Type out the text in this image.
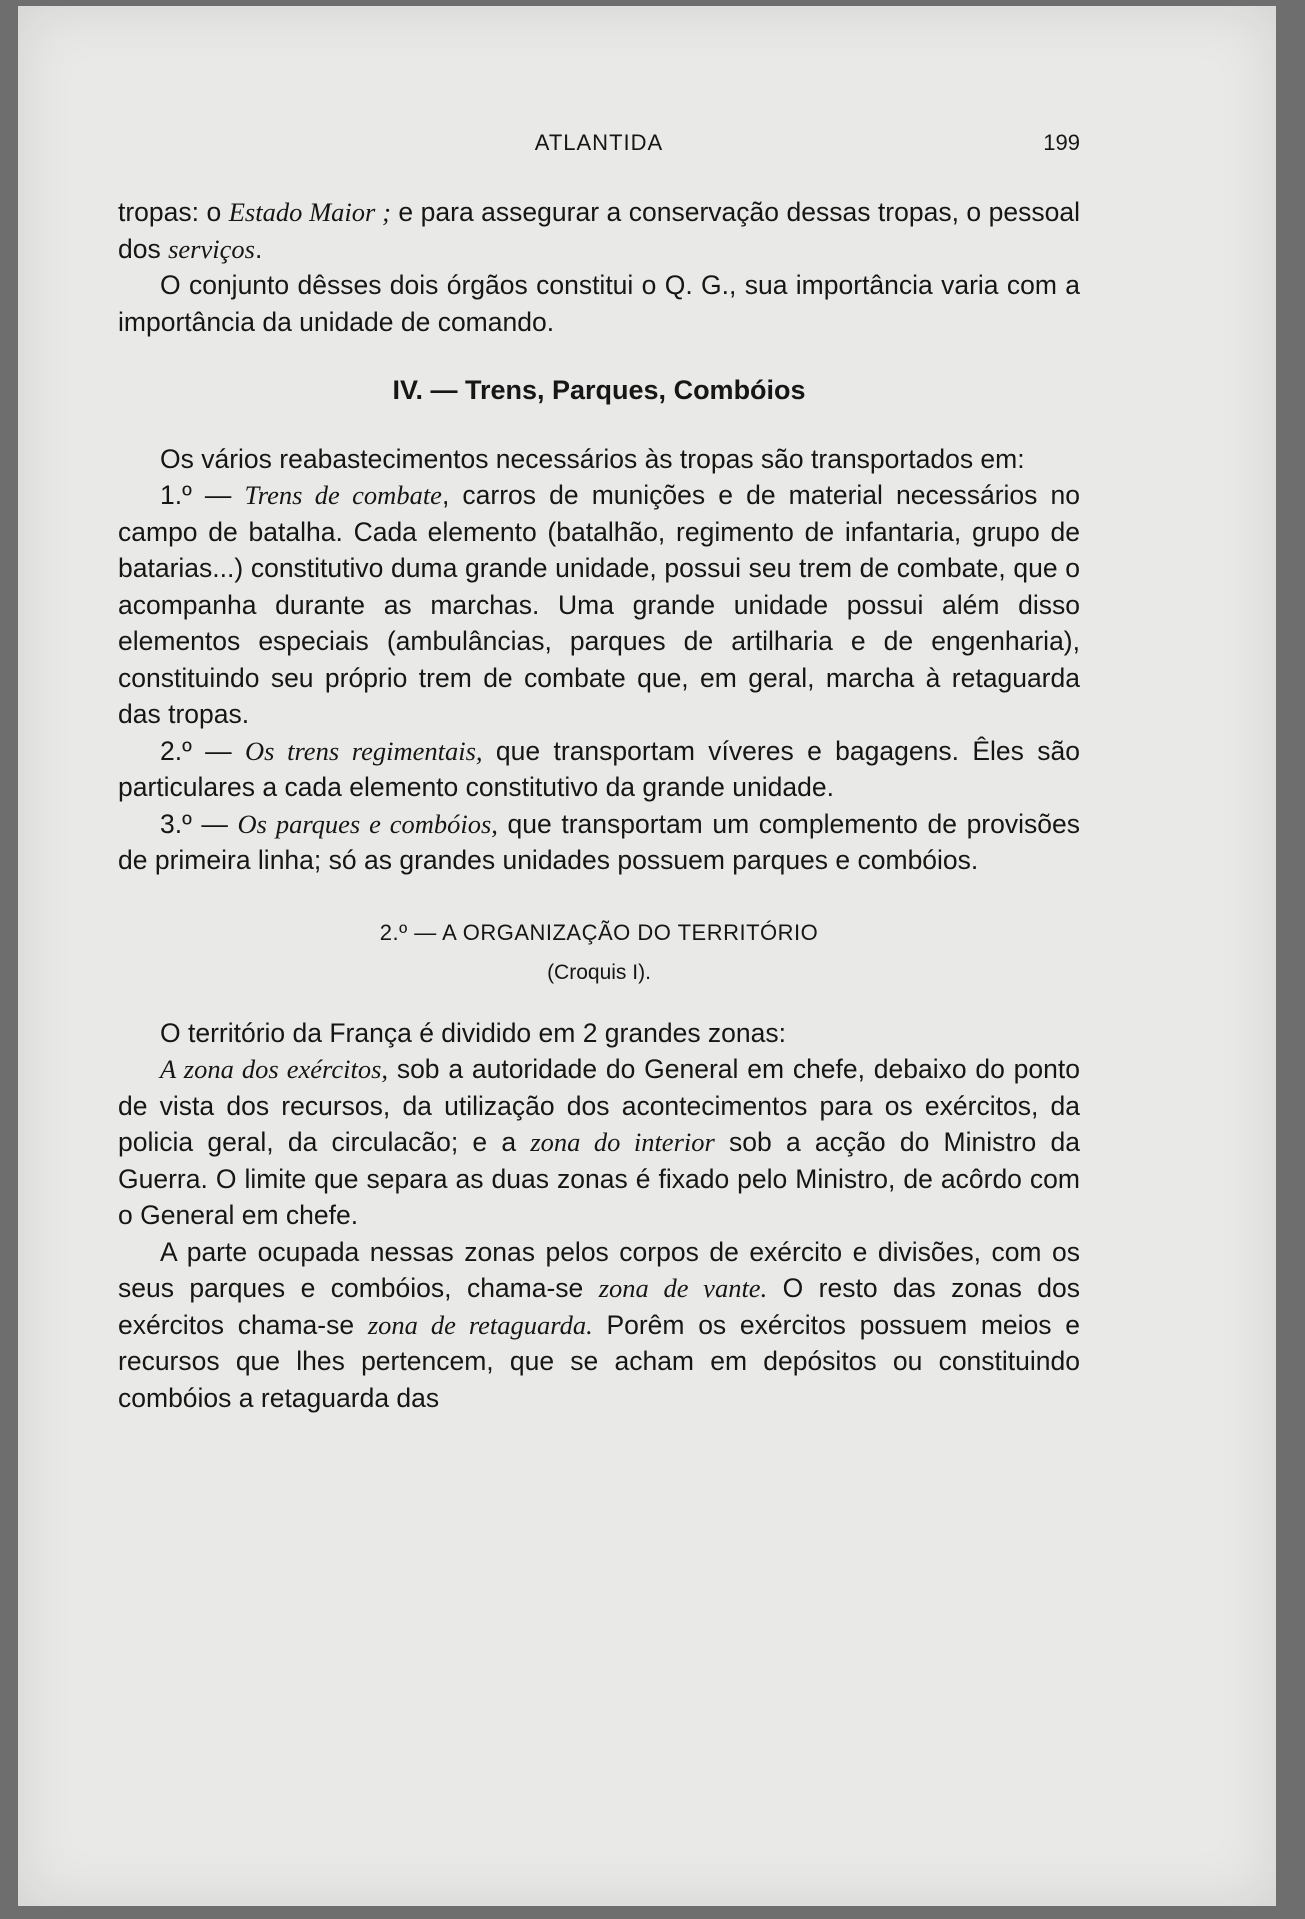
ATLANTIDA	199

tropas: o Estado Maior ; e para assegurar a conservação dessas tropas, o pessoal dos serviços.

O conjunto dêsses dois órgãos constitui o Q. G., sua importância varia com a importância da unidade de comando.

IV. — Trens, Parques, Combóios

Os vários reabastecimentos necessários às tropas são transportados em:

1.º — Trens de combate, carros de munições e de material necessários no campo de batalha. Cada elemento (batalhão, regimento de infantaria, grupo de batarias...) constitutivo duma grande unidade, possui seu trem de combate, que o acompanha durante as marchas. Uma grande unidade possui além disso elementos especiais (ambulâncias, parques de artilharia e de engenharia), constituindo seu próprio trem de combate que, em geral, marcha à retaguarda das tropas.

2.º — Os trens regimentais, que transportam víveres e bagagens. Êles são particulares a cada elemento constitutivo da grande unidade.

3.º — Os parques e combóios, que transportam um complemento de provisões de primeira linha; só as grandes unidades possuem parques e combóios.

2.º — A ORGANIZAÇÃO DO TERRITÓRIO
(Croquis I).

O território da França é dividido em 2 grandes zonas:

A zona dos exércitos, sob a autoridade do General em chefe, debaixo do ponto de vista dos recursos, da utilização dos acontecimentos para os exércitos, da policia geral, da circulacão; e a zona do interior sob a acção do Ministro da Guerra. O limite que separa as duas zonas é fixado pelo Ministro, de acôrdo com o General em chefe.

A parte ocupada nessas zonas pelos corpos de exército e divisões, com os seus parques e combóios, chama-se zona de vante. O resto das zonas dos exércitos chama-se zona de retaguarda. Porêm os exércitos possuem meios e recursos que lhes pertencem, que se acham em depósitos ou constituindo combóios a retaguarda das
